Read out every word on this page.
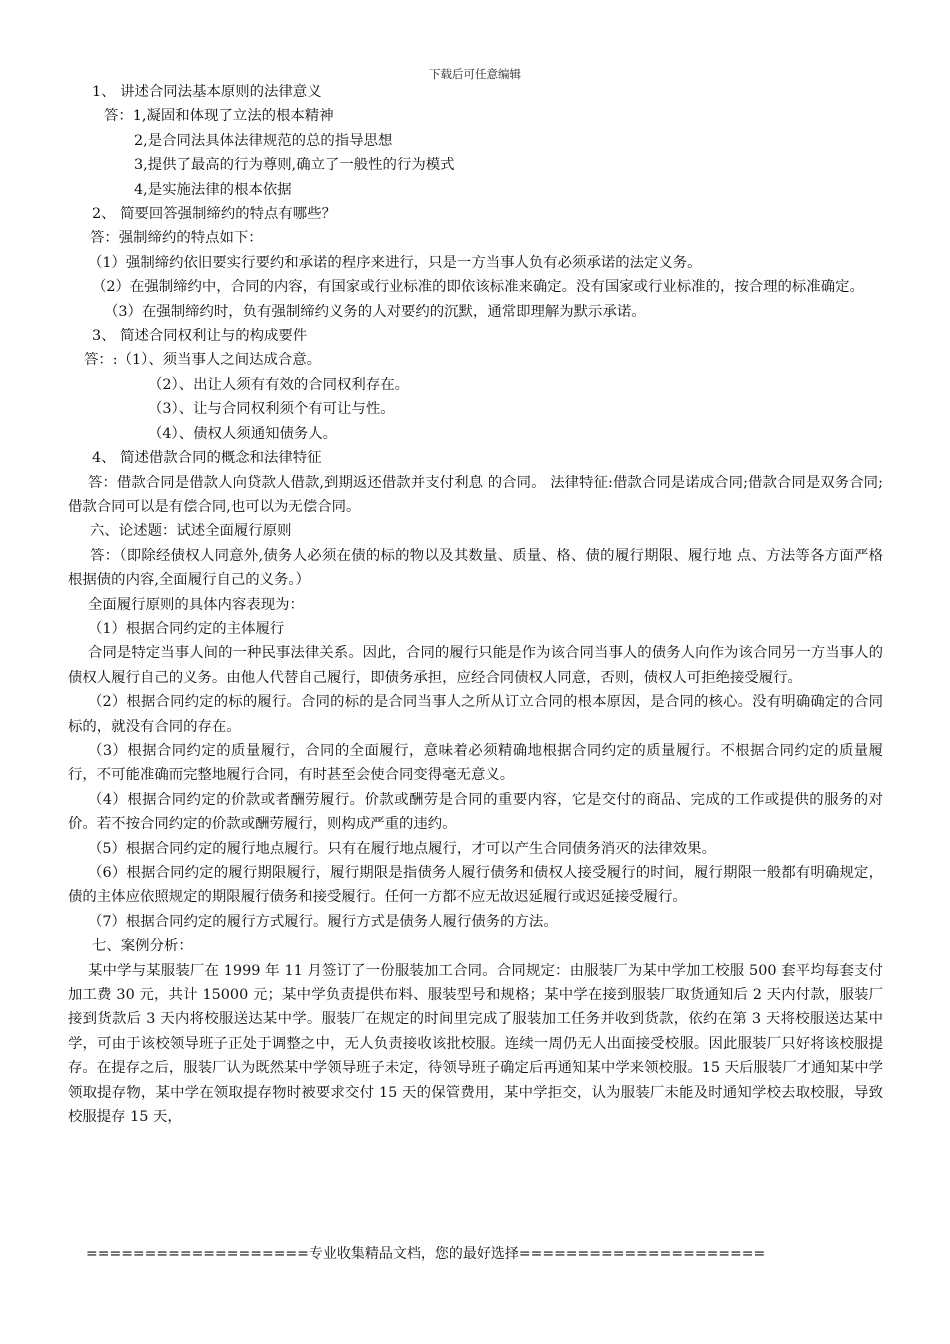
下载后可任意编辑

1、 讲述合同法基本原则的法律意义

答：1,凝固和体现了立法的根本精神

2,是合同法具体法律规范的总的指导思想

3,提供了最高的行为尊则,确立了一般性的行为模式

4,是实施法律的根本依据

2、 简要回答强制缔约的特点有哪些？

答：强制缔约的特点如下：

（1）强制缔约依旧要实行要约和承诺的程序来进行，只是一方当事人负有必须承诺的法定义务。

（2）在强制缔约中，合同的内容，有国家或行业标准的即依该标准来确定。没有国家或行业标准的，按合理的标准确定。

（3）在强制缔约时，负有强制缔约义务的人对要约的沉默，通常即理解为默示承诺。

3、 简述合同权利让与的构成要件

答：:（1）、须当事人之间达成合意。

（2）、出让人须有有效的合同权利存在。

（3）、让与合同权利须个有可让与性。

（4）、债权人须通知债务人。

4、 简述借款合同的概念和法律特征

答：借款合同是借款人向贷款人借款,到期返还借款并支付利息 的合同。 法律特征:借款合同是诺成合同;借款合同是双务合同;借款合同可以是有偿合同,也可以为无偿合同。

六、论述题：试述全面履行原则

答：（即除经债权人同意外,债务人必须在债的标的物以及其数量、质量、格、债的履行期限、履行地 点、方法等各方面严格根据债的内容,全面履行自己的义务。）

全面履行原则的具体内容表现为：

（1）根据合同约定的主体履行

合同是特定当事人间的一种民事法律关系。因此，合同的履行只能是作为该合同当事人的债务人向作为该合同另一方当事人的债权人履行自己的义务。由他人代替自己履行，即债务承担，应经合同债权人同意，否则，债权人可拒绝接受履行。

（2）根据合同约定的标的履行。合同的标的是合同当事人之所从订立合同的根本原因，是合同的核心。没有明确确定的合同标的，就没有合同的存在。

（3）根据合同约定的质量履行，合同的全面履行，意味着必须精确地根据合同约定的质量履行。不根据合同约定的质量履行，不可能准确而完整地履行合同，有时甚至会使合同变得毫无意义。

（4）根据合同约定的价款或者酬劳履行。价款或酬劳是合同的重要内容，它是交付的商品、完成的工作或提供的服务的对价。若不按合同约定的价款或酬劳履行，则构成严重的违约。

（5）根据合同约定的履行地点履行。只有在履行地点履行，才可以产生合同债务消灭的法律效果。

（6）根据合同约定的履行期限履行，履行期限是指债务人履行债务和债权人接受履行的时间，履行期限一般都有明确规定，债的主体应依照规定的期限履行债务和接受履行。任何一方都不应无故迟延履行或迟延接受履行。

（7）根据合同约定的履行方式履行。履行方式是债务人履行债务的方法。

七、案例分析：

某中学与某服装厂在 1999 年 11 月签订了一份服装加工合同。合同规定：由服装厂为某中学加工校服 500 套平均每套支付加工费 30 元，共计 15000 元；某中学负责提供布料、服装型号和规格；某中学在接到服装厂取货通知后 2 天内付款，服装厂接到货款后 3 天内将校服送达某中学。服装厂在规定的时间里完成了服装加工任务并收到货款，依约在第 3 天将校服送达某中学，可由于该校领导班子正处于调整之中，无人负责接收该批校服。连续一周仍无人出面接受校服。因此服装厂只好将该校服提存。在提存之后，服装厂认为既然某中学领导班子未定，待领导班子确定后再通知某中学来领校服。15 天后服装厂才通知某中学领取提存物，某中学在领取提存物时被要求交付 15 天的保管费用，某中学拒交，认为服装厂未能及时通知学校去取校服，导致校服提存 15 天，

===================专业收集精品文档，您的最好选择=====================
